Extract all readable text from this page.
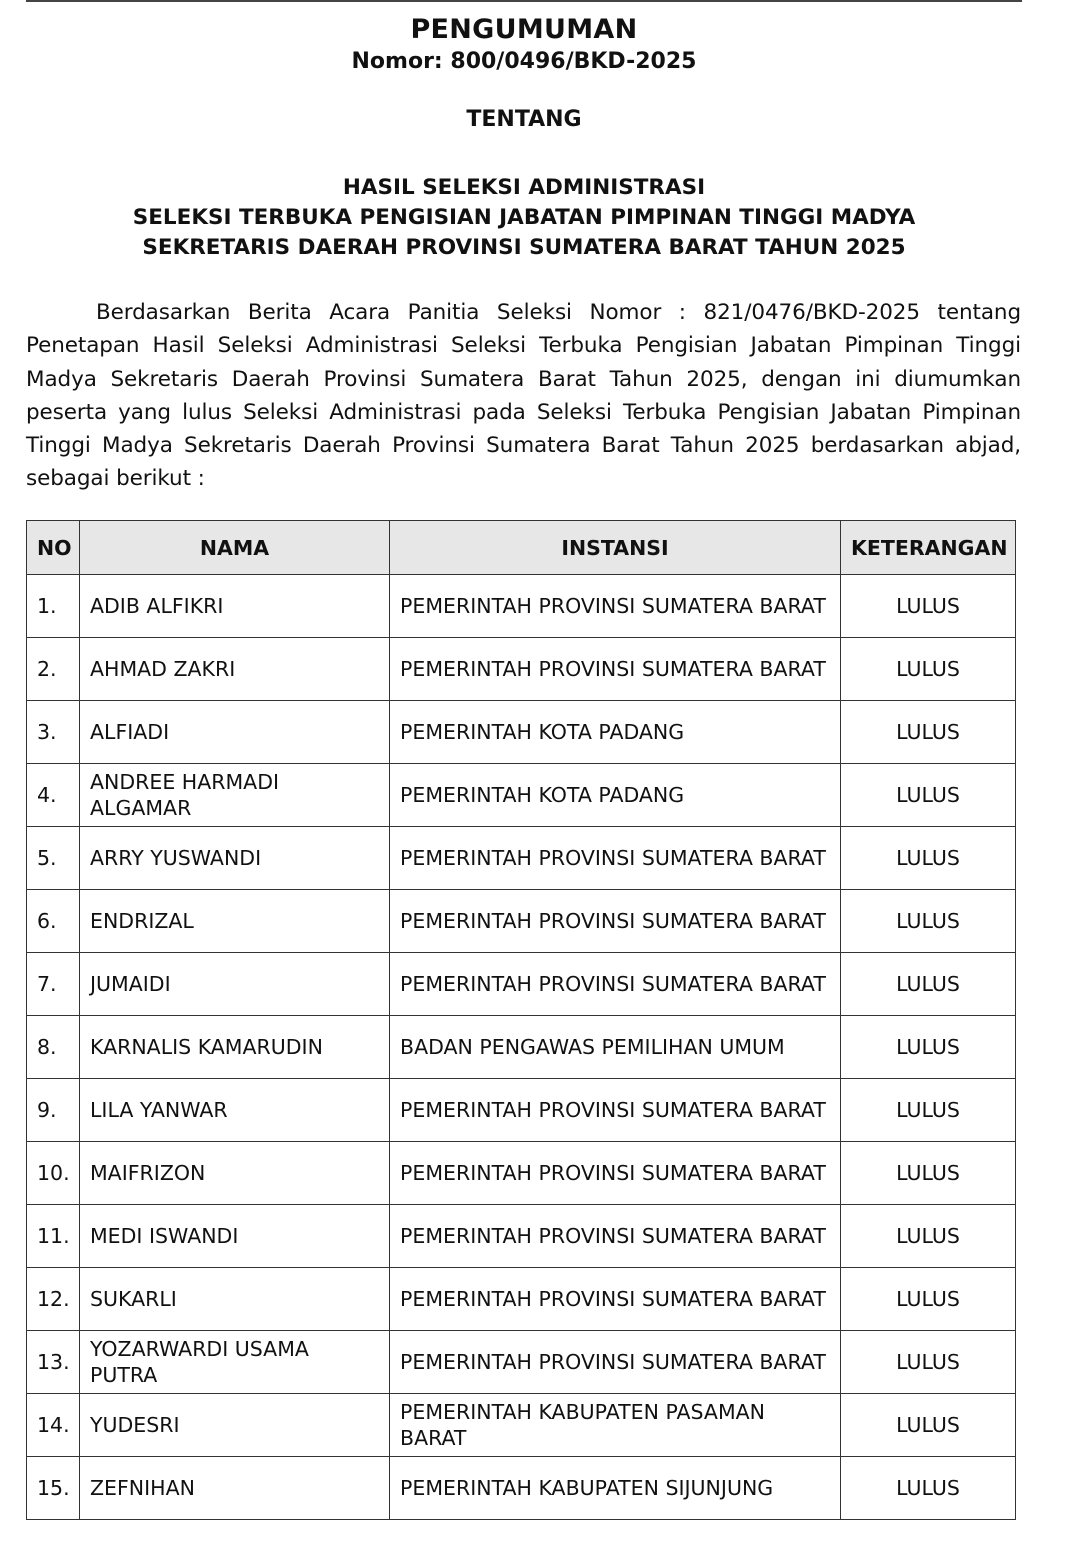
PENGUMUMAN
Nomor: 800/0496/BKD-2025
TENTANG
HASIL SELEKSI ADMINISTRASI
SELEKSI TERBUKA PENGISIAN JABATAN PIMPINAN TINGGI MADYA
SEKRETARIS DAERAH PROVINSI SUMATERA BARAT TAHUN 2025
Berdasarkan Berita Acara Panitia Seleksi Nomor : 821/0476/BKD-2025 tentang Penetapan Hasil Seleksi Administrasi Seleksi Terbuka Pengisian Jabatan Pimpinan Tinggi Madya Sekretaris Daerah Provinsi Sumatera Barat Tahun 2025, dengan ini diumumkan peserta yang lulus Seleksi Administrasi pada Seleksi Terbuka Pengisian Jabatan Pimpinan Tinggi Madya Sekretaris Daerah Provinsi Sumatera Barat Tahun 2025 berdasarkan abjad, sebagai berikut :
NO	NAMA	INSTANSI	KETERANGAN
1.	ADIB ALFIKRI	PEMERINTAH PROVINSI SUMATERA BARAT	LULUS
2.	AHMAD ZAKRI	PEMERINTAH PROVINSI SUMATERA BARAT	LULUS
3.	ALFIADI	PEMERINTAH KOTA PADANG	LULUS
4.	ANDREE HARMADI ALGAMAR	PEMERINTAH KOTA PADANG	LULUS
5.	ARRY YUSWANDI	PEMERINTAH PROVINSI SUMATERA BARAT	LULUS
6.	ENDRIZAL	PEMERINTAH PROVINSI SUMATERA BARAT	LULUS
7.	JUMAIDI	PEMERINTAH PROVINSI SUMATERA BARAT	LULUS
8.	KARNALIS KAMARUDIN	BADAN PENGAWAS PEMILIHAN UMUM	LULUS
9.	LILA YANWAR	PEMERINTAH PROVINSI SUMATERA BARAT	LULUS
10.	MAIFRIZON	PEMERINTAH PROVINSI SUMATERA BARAT	LULUS
11.	MEDI ISWANDI	PEMERINTAH PROVINSI SUMATERA BARAT	LULUS
12.	SUKARLI	PEMERINTAH PROVINSI SUMATERA BARAT	LULUS
13.	YOZARWARDI USAMA PUTRA	PEMERINTAH PROVINSI SUMATERA BARAT	LULUS
14.	YUDESRI	PEMERINTAH KABUPATEN PASAMAN BARAT	LULUS
15.	ZEFNIHAN	PEMERINTAH KABUPATEN SIJUNJUNG	LULUS
